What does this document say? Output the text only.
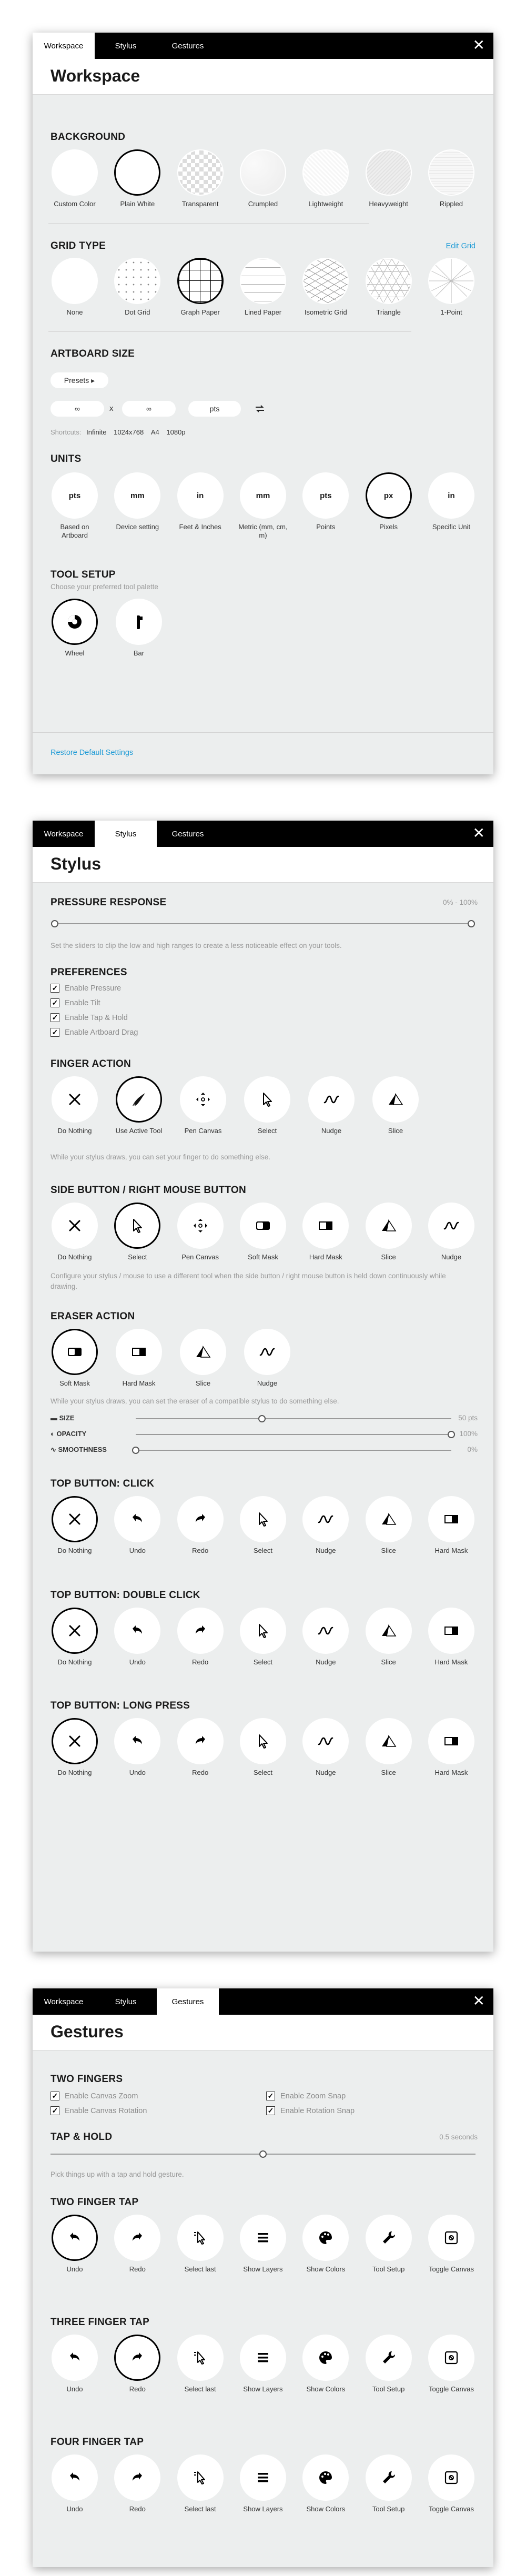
Workspace	Stylus	Gestures	✕
Workspace
BACKGROUND
Custom Color	Plain White	Transparent	Crumpled	Lightweight	Heavyweight	Rippled
GRID TYPE	Edit Grid
None	Dot Grid	Graph Paper	Lined Paper	Isometric Grid	Triangle	1-Point
ARTBOARD SIZE
Presets ▸
∞	x	∞	pts
Shortcuts: Infinite 1024x768 A4 1080p
UNITS
pts
Based on Artboard
mm
Device setting
in
Feet & Inches
mm
Metric (mm, cm, m)
pts
Points
px
Pixels
in
Specific Unit
TOOL SETUP
Choose your preferred tool palette
Wheel	Bar
Restore Default Settings
Workspace	Stylus	Gestures	✕
Stylus
PRESSURE RESPONSE	0% - 100%
Set the sliders to clip the low and high ranges to create a less noticeable effect on your tools.
PREFERENCES
✓ Enable Pressure
✓ Enable Tilt
✓ Enable Tap & Hold
✓ Enable Artboard Drag
FINGER ACTION
Do Nothing	Use Active Tool	Pen Canvas	Select	Nudge	Slice
While your stylus draws, you can set your finger to do something else.
SIDE BUTTON / RIGHT MOUSE BUTTON
Do Nothing	Select	Pen Canvas	Soft Mask	Hard Mask	Slice	Nudge
Configure your stylus / mouse to use a different tool when the side button / right mouse button is held down continuously while drawing.
ERASER ACTION
Soft Mask	Hard Mask	Slice	Nudge
While your stylus draws, you can set the eraser of a compatible stylus to do something else.
▬ SIZE	50 pts
◐ OPACITY	100%
∿ SMOOTHNESS	0%
TOP BUTTON: CLICK
Do Nothing	Undo	Redo	Select	Nudge	Slice	Hard Mask
TOP BUTTON: DOUBLE CLICK
Do Nothing	Undo	Redo	Select	Nudge	Slice	Hard Mask
TOP BUTTON: LONG PRESS
Do Nothing	Undo	Redo	Select	Nudge	Slice	Hard Mask
Workspace	Stylus	Gestures	✕
Gestures
TWO FINGERS
✓ Enable Canvas Zoom
✓ Enable Canvas Rotation
✓ Enable Zoom Snap
✓ Enable Rotation Snap
TAP & HOLD	0.5 seconds
Pick things up with a tap and hold gesture.
TWO FINGER TAP
Undo	Redo	Select last	Show Layers	Show Colors	Tool Setup	Toggle Canvas
THREE FINGER TAP
Undo	Redo	Select last	Show Layers	Show Colors	Tool Setup	Toggle Canvas
FOUR FINGER TAP
Undo	Redo	Select last	Show Layers	Show Colors	Tool Setup	Toggle Canvas
